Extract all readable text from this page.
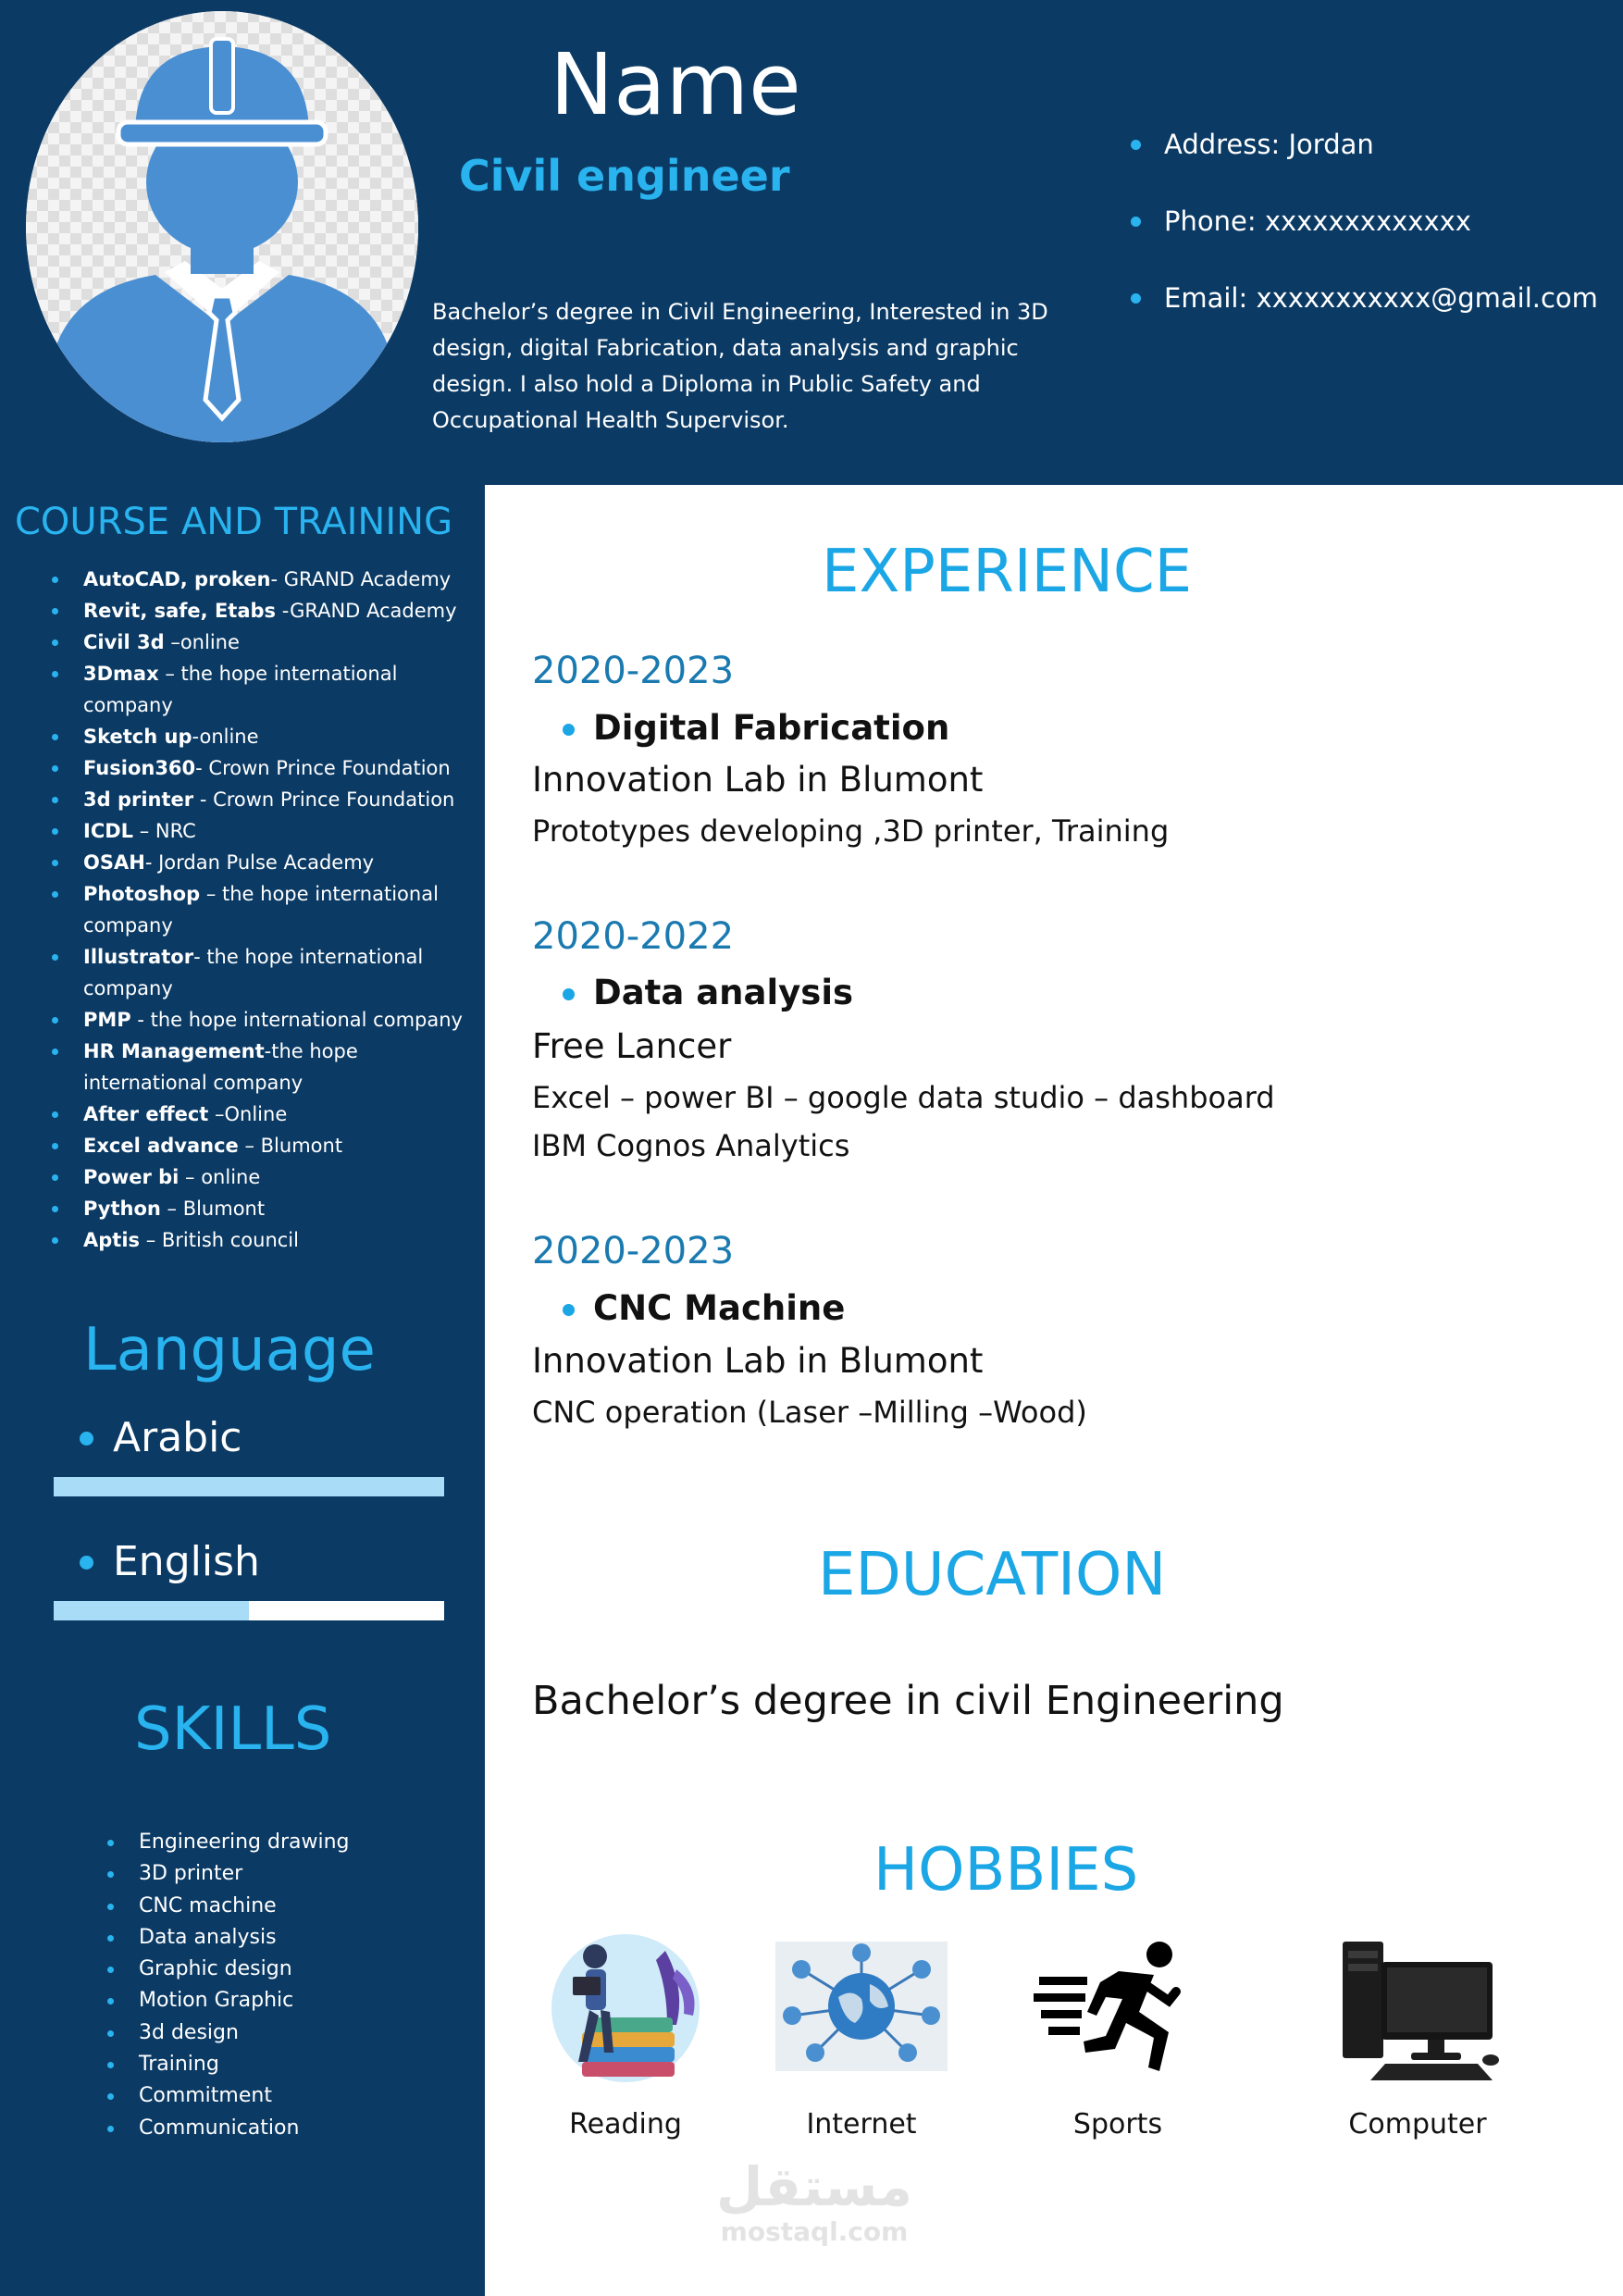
Name
Civil engineer
Bachelor’s degree in Civil Engineering, Interested in 3D design, digital Fabrication, data analysis and graphic design. I also hold a Diploma in Public Safety and Occupational Health Supervisor.
Address: Jordan
Phone: xxxxxxxxxxxxx
Email: xxxxxxxxxxx@gmail.com
COURSE AND TRAINING
AutoCAD, proken- GRAND Academy
Revit, safe, Etabs -GRAND Academy
Civil 3d –online
3Dmax – the hope international company
Sketch up-online
Fusion360- Crown Prince Foundation
3d printer - Crown Prince Foundation
ICDL – NRC
OSAH- Jordan Pulse Academy
Photoshop – the hope international company
Illustrator- the hope international company
PMP - the hope international company
HR Management-the hope international company
After effect –Online
Excel advance – Blumont
Power bi – online
Python – Blumont
Aptis – British council
Language
Arabic
English
SKILLS
Engineering drawing
3D printer
CNC machine
Data analysis
Graphic design
Motion Graphic
3d design
Training
Commitment
Communication
EXPERIENCE
2020-2023
Digital Fabrication
Innovation Lab in Blumont
Prototypes developing ,3D printer, Training
2020-2022
Data analysis
Free Lancer
Excel – power BI – google data studio – dashboard
IBM Cognos Analytics
2020-2023
CNC Machine
Innovation Lab in Blumont
CNC operation (Laser –Milling –Wood)
EDUCATION
Bachelor’s degree in civil Engineering
HOBBIES
Reading	Internet	Sports	Computer
مستقل
mostaql.com
